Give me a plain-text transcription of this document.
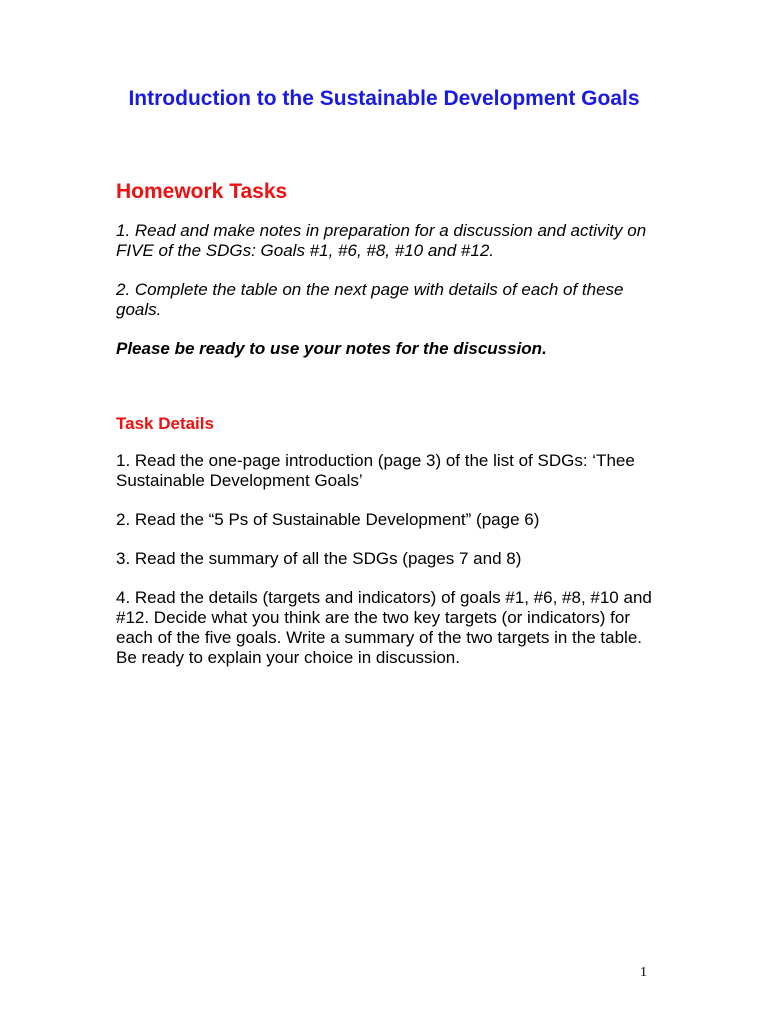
Introduction to the Sustainable Development Goals
Homework Tasks
1. Read and make notes in preparation for a discussion and activity on FIVE of the SDGs: Goals #1, #6, #8, #10 and #12.
2. Complete the table on the next page with details of each of these goals.
Please be ready to use your notes for the discussion.
Task Details
1. Read the one-page introduction (page 3) of the list of SDGs: ‘Thee Sustainable Development Goals’
2. Read the “5 Ps of Sustainable Development” (page 6)
3. Read the summary of all the SDGs (pages 7 and 8)
4. Read the details (targets and indicators) of goals #1, #6, #8, #10 and #12. Decide what you think are the two key targets (or indicators) for each of the five goals. Write a summary of the two targets in the table. Be ready to explain your choice in discussion.
1
